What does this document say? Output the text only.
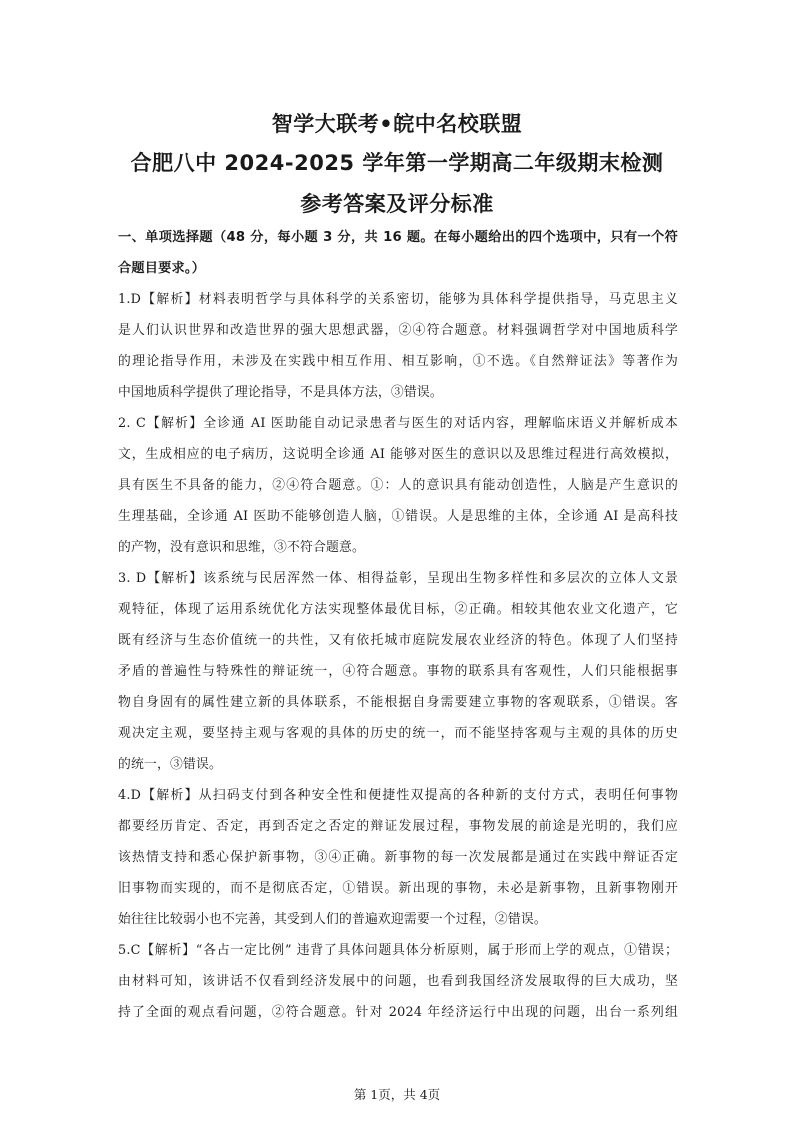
智学大联考•皖中名校联盟
合肥八中 2024-2025 学年第一学期高二年级期末检测
参考答案及评分标准
一、单项选择题（48 分，每小题 3 分，共 16 题。在每小题给出的四个选项中，只有一个符
合题目要求。）
1.D【解析】材料表明哲学与具体科学的关系密切，能够为具体科学提供指导，马克思主义
是人们认识世界和改造世界的强大思想武器，②④符合题意。材料强调哲学对中国地质科学
的理论指导作用，未涉及在实践中相互作用、相互影响，①不选。《自然辩证法》等著作为
中国地质科学提供了理论指导，不是具体方法，③错误。
2. C【解析】全诊通 AI 医助能自动记录患者与医生的对话内容，理解临床语义并解析成本
文，生成相应的电子病历，这说明全诊通 AI 能够对医生的意识以及思维过程进行高效模拟，
具有医生不具备的能力，②④符合题意。①：人的意识具有能动创造性，人脑是产生意识的
生理基础，全诊通 AI 医助不能够创造人脑，①错误。人是思维的主体，全诊通 AI 是高科技
的产物，没有意识和思维，③不符合题意。
3. D【解析】该系统与民居浑然一体、相得益彰，呈现出生物多样性和多层次的立体人文景
观特征，体现了运用系统优化方法实现整体最优目标，②正确。相较其他农业文化遗产，它
既有经济与生态价值统一的共性，又有依托城市庭院发展农业经济的特色。体现了人们坚持
矛盾的普遍性与特殊性的辩证统一，④符合题意。事物的联系具有客观性，人们只能根据事
物自身固有的属性建立新的具体联系，不能根据自身需要建立事物的客观联系，①错误。客
观决定主观，要坚持主观与客观的具体的历史的统一，而不能坚持客观与主观的具体的历史
的统一，③错误。
4.D【解析】从扫码支付到各种安全性和便捷性双提高的各种新的支付方式，表明任何事物
都要经历肯定、否定，再到否定之否定的辩证发展过程，事物发展的前途是光明的，我们应
该热情支持和悉心保护新事物，③④正确。新事物的每一次发展都是通过在实践中辩证否定
旧事物而实现的，而不是彻底否定，①错误。新出现的事物，未必是新事物，且新事物刚开
始往往比较弱小也不完善，其受到人们的普遍欢迎需要一个过程，②错误。
5.C【解析】“各占一定比例” 违背了具体问题具体分析原则，属于形而上学的观点，①错误；
由材料可知，该讲话不仅看到经济发展中的问题，也看到我国经济发展取得的巨大成功，坚
持了全面的观点看问题，②符合题意。针对 2024 年经济运行中出现的问题，出台一系列组
第 1页，共 4页
